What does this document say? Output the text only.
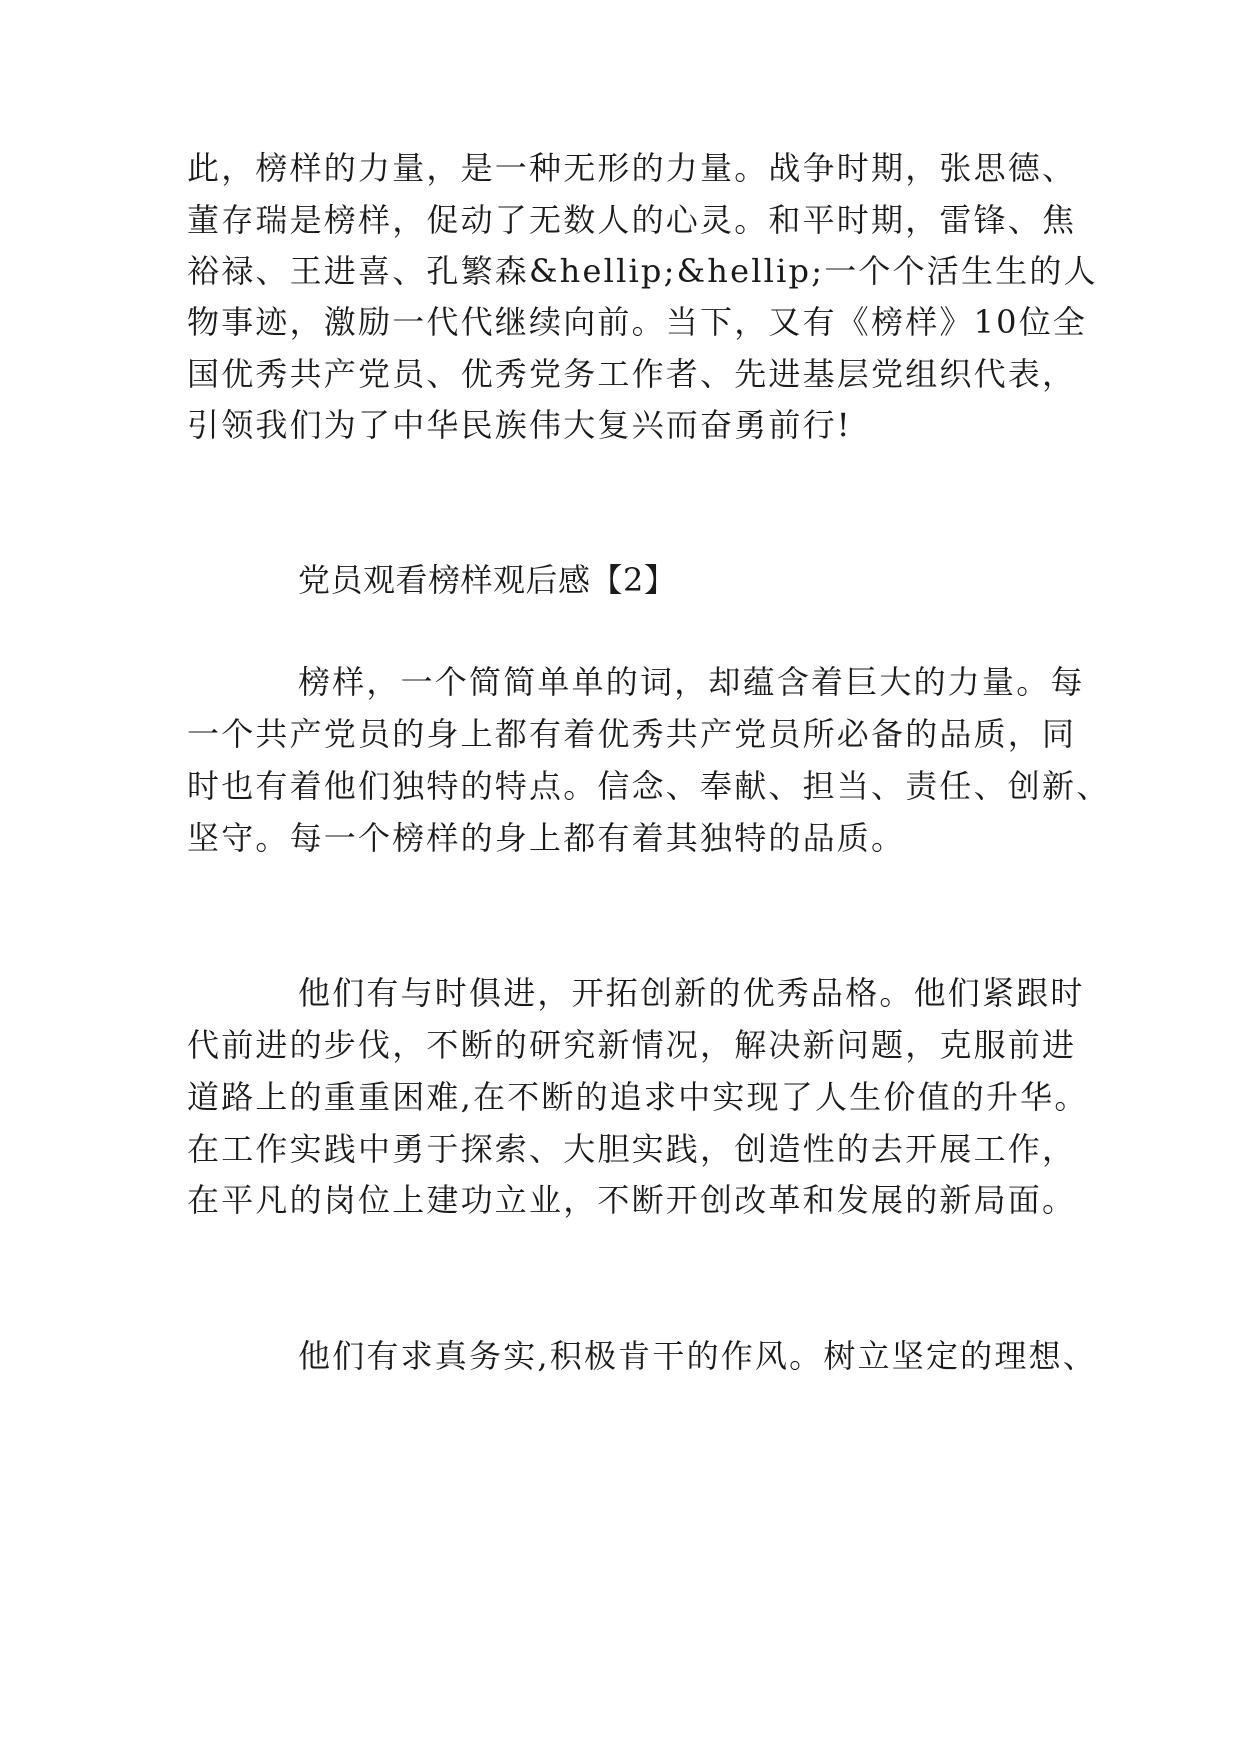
此，榜样的力量，是一种无形的力量。战争时期，张思德、
董存瑞是榜样，促动了无数人的心灵。和平时期，雷锋、焦
裕禄、王进喜、孔繁森&hellip;&hellip;一个个活生生的人
物事迹，激励一代代继续向前。当下，又有《榜样》10位全
国优秀共产党员、优秀党务工作者、先进基层党组织代表，
引领我们为了中华民族伟大复兴而奋勇前行!
党员观看榜样观后感【2】
榜样，一个简简单单的词，却蕴含着巨大的力量。每
一个共产党员的身上都有着优秀共产党员所必备的品质，同
时也有着他们独特的特点。信念、奉献、担当、责任、创新、
坚守。每一个榜样的身上都有着其独特的品质。
他们有与时俱进，开拓创新的优秀品格。他们紧跟时
代前进的步伐，不断的研究新情况，解决新问题，克服前进
道路上的重重困难,在不断的追求中实现了人生价值的升华。
在工作实践中勇于探索、大胆实践，创造性的去开展工作，
在平凡的岗位上建功立业，不断开创改革和发展的新局面。
他们有求真务实,积极肯干的作风。树立坚定的理想、
